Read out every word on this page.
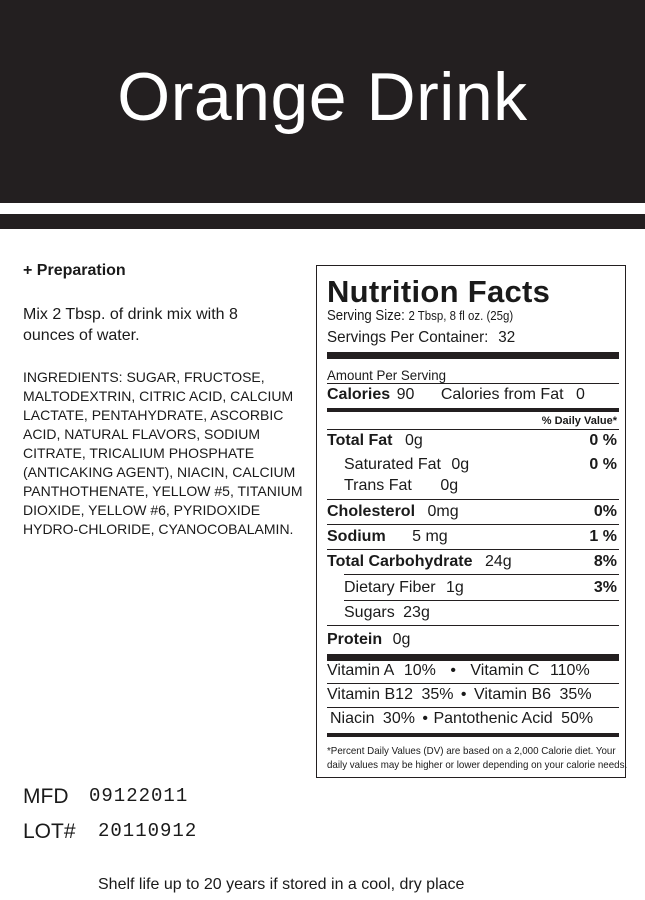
Orange Drink
+ Preparation
Mix 2 Tbsp. of drink mix with 8 ounces of water.
INGREDIENTS: SUGAR, FRUCTOSE, MALTODEXTRIN, CITRIC ACID, CALCIUM LACTATE, PENTAHYDRATE, ASCORBIC ACID, NATURAL FLAVORS, SODIUM CITRATE, TRICALIUM PHOSPHATE (ANTICAKING AGENT), NIACIN, CALCIUM PANTHOTHENATE, YELLOW #5, TITANIUM DIOXIDE, YELLOW #6, PYRIDOXIDE HYDRO-CHLORIDE, CYANOCOBALAMIN.
Nutrition Facts
Serving Size: 2 Tbsp, 8 fl oz. (25g)
Servings Per Container: 32
Amount Per Serving
Calories 90 Calories from Fat 0
% Daily Value*
Total Fat 0g	0 %
Saturated Fat 0g	0 %
Trans Fat 0g
Cholesterol 0mg	0%
Sodium 5 mg	1 %
Total Carbohydrate 24g	8%
Dietary Fiber 1g	3%
Sugars 23g
Protein 0g
Vitamin A 10% • Vitamin C 110%
Vitamin B12 35% • Vitamin B6 35%
Niacin 30% • Pantothenic Acid 50%
*Percent Daily Values (DV) are based on a 2,000 Calorie diet. Your
daily values may be higher or lower depending on your calorie needs.
MFD 09122011
LOT# 20110912
Shelf life up to 20 years if stored in a cool, dry place
